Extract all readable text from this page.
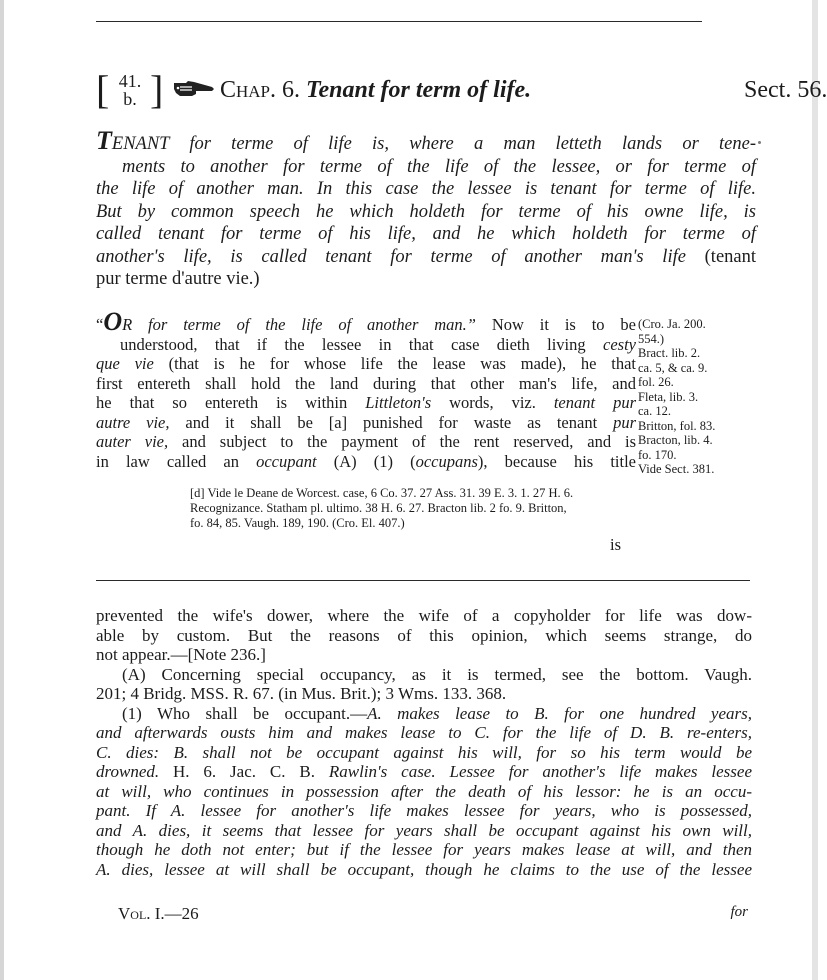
[ 41.
b. ] Chap. 6. Tenant for term of life.	Sect. 56.
TENANT for terme of life is, where a man letteth lands or tene-
ments to another for terme of the life of the lessee, or for terme of
the life of another man. In this case the lessee is tenant for terme of life.
But by common speech he which holdeth for terme of his owne life, is
called tenant for terme of his life, and he which holdeth for terme of
another's life, is called tenant for terme of another man's life (tenant
pur terme d'autre vie.)
“OR for terme of the life of another man.” Now it is to be
understood, that if the lessee in that case dieth living cesty
que vie (that is he for whose life the lease was made), he that
first entereth shall hold the land during that other man's life, and
he that so entereth is within Littleton's words, viz. tenant pur
autre vie, and it shall be [a] punished for waste as tenant pur
auter vie, and subject to the payment of the rent reserved, and is
in law called an occupant (A) (1) (occupans), because his title
(Cro. Ja. 200.
554.)
Bract. lib. 2.
ca. 5, & ca. 9.
fol. 26.
Fleta, lib. 3.
ca. 12.
Britton, fol. 83.
Bracton, lib. 4.
fo. 170.
Vide Sect. 381.
[d] Vide le Deane de Worcest. case, 6 Co. 37. 27 Ass. 31. 39 E. 3. 1. 27 H. 6.
Recognizance. Statham pl. ultimo. 38 H. 6. 27. Bracton lib. 2 fo. 9. Britton,
fo. 84, 85. Vaugh. 189, 190. (Cro. El. 407.)
is
prevented the wife's dower, where the wife of a copyholder for life was dow-
able by custom. But the reasons of this opinion, which seems strange, do
not appear.—[Note 236.]
(A) Concerning special occupancy, as it is termed, see the bottom. Vaugh.
201; 4 Bridg. MSS. R. 67. (in Mus. Brit.); 3 Wms. 133. 368.
(1) Who shall be occupant.—A. makes lease to B. for one hundred years,
and afterwards ousts him and makes lease to C. for the life of D. B. re-enters,
C. dies: B. shall not be occupant against his will, for so his term would be
drowned. H. 6. Jac. C. B. Rawlin's case. Lessee for another's life makes lessee
at will, who continues in possession after the death of his lessor: he is an occu-
pant. If A. lessee for another's life makes lessee for years, who is possessed,
and A. dies, it seems that lessee for years shall be occupant against his own will,
though he doth not enter; but if the lessee for years makes lease at will, and then
A. dies, lessee at will shall be occupant, though he claims to the use of the lessee
Vol. I.—26	for
